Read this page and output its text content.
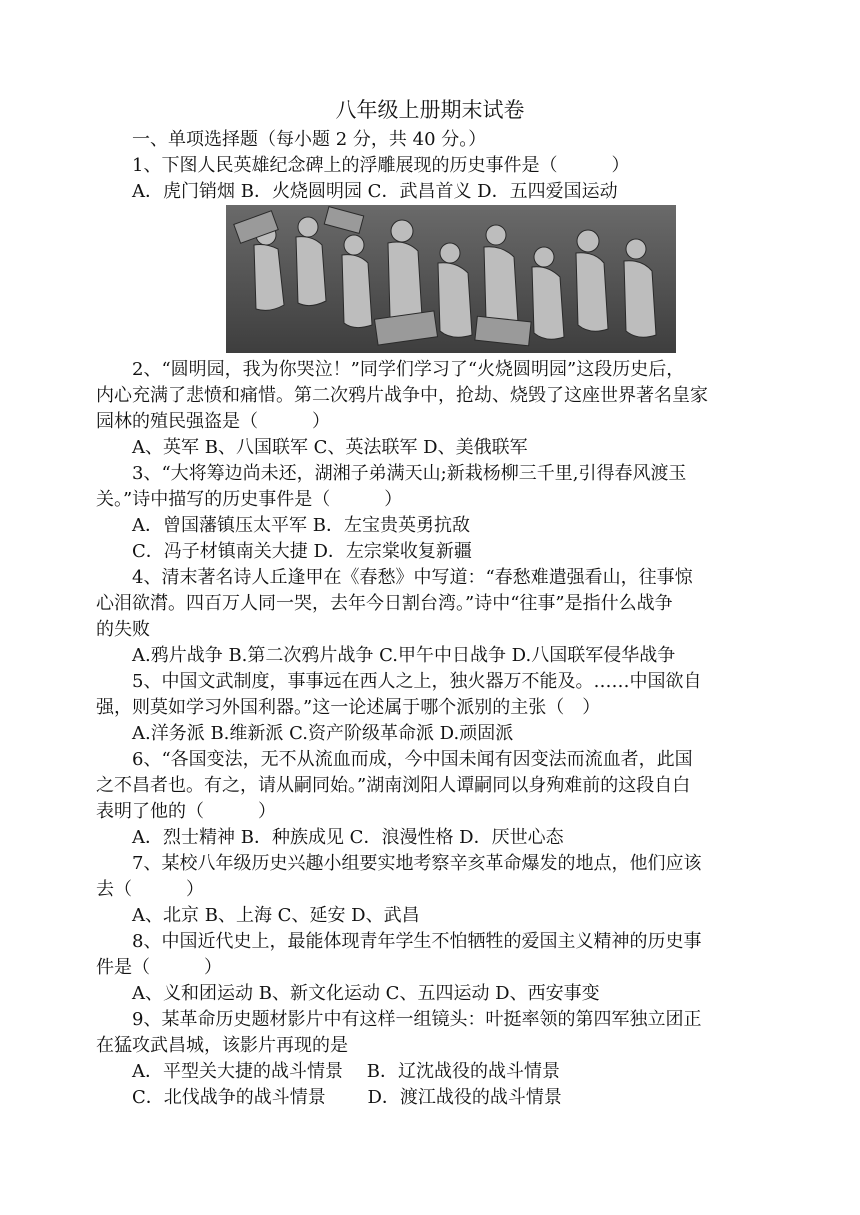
八年级上册期末试卷
一、单项选择题（每小题 2 分，共 40 分。）
1、下图人民英雄纪念碑上的浮雕展现的历史事件是（　　　）
A．虎门销烟 B．火烧圆明园 C．武昌首义 D．五四爱国运动
2、“圆明园，我为你哭泣！”同学们学习了“火烧圆明园”这段历史后，
内心充满了悲愤和痛惜。第二次鸦片战争中，抢劫、烧毁了这座世界著名皇家
园林的殖民强盗是（　　　）
A、英军 B、八国联军 C、英法联军 D、美俄联军
3、“大将筹边尚未还，湖湘子弟满天山;新栽杨柳三千里,引得春风渡玉
关。”诗中描写的历史事件是（　　　）
A．曾国藩镇压太平军 B．左宝贵英勇抗敌
C．冯子材镇南关大捷 D．左宗棠收复新疆
4、清末著名诗人丘逢甲在《春愁》中写道：“春愁难遣强看山，往事惊
心泪欲潸。四百万人同一哭，去年今日割台湾。”诗中“往事”是指什么战争
的失败
A.鸦片战争 B.第二次鸦片战争 C.甲午中日战争 D.八国联军侵华战争
5、中国文武制度，事事远在西人之上，独火器万不能及。……中国欲自
强，则莫如学习外国利器。”这一论述属于哪个派别的主张（　）
A.洋务派 B.维新派 C.资产阶级革命派 D.顽固派
6、“各国变法，无不从流血而成，今中国未闻有因变法而流血者，此国
之不昌者也。有之，请从嗣同始。”湖南浏阳人谭嗣同以身殉难前的这段自白
表明了他的（　　　）
A．烈士精神 B．种族成见 C．浪漫性格 D．厌世心态
7、某校八年级历史兴趣小组要实地考察辛亥革命爆发的地点，他们应该
去（　　　）
A、北京 B、上海 C、延安 D、武昌
8、中国近代史上，最能体现青年学生不怕牺牲的爱国主义精神的历史事
件是（　　　）
A、义和团运动 B、新文化运动 C、五四运动 D、西安事变
9、某革命历史题材影片中有这样一组镜头：叶挺率领的第四军独立团正
在猛攻武昌城，该影片再现的是
A．平型关大捷的战斗情景　 B．辽沈战役的战斗情景
C．北伐战争的战斗情景　　 D．渡江战役的战斗情景
